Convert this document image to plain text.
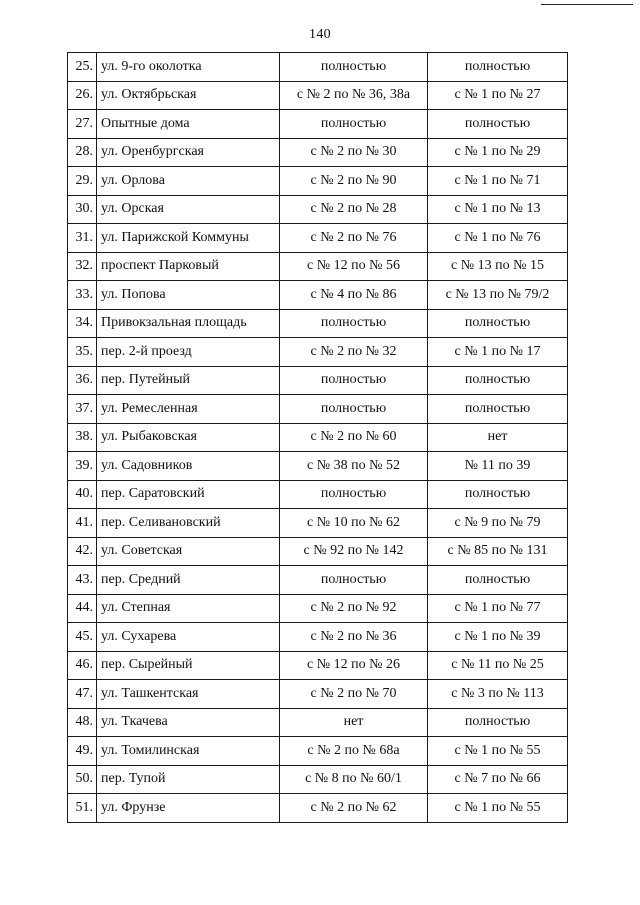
140
25.	ул. 9-го околотка	полностью	полностью
26.	ул. Октябрьская	с № 2 по № 36, 38а	с № 1 по № 27
27.	Опытные дома	полностью	полностью
28.	ул. Оренбургская	с № 2 по № 30	с № 1 по № 29
29.	ул. Орлова	с № 2 по № 90	с № 1 по № 71
30.	ул. Орская	с № 2 по № 28	с № 1 по № 13
31.	ул. Парижской Коммуны	с № 2 по № 76	с № 1 по № 76
32.	проспект Парковый	с № 12 по № 56	с № 13 по № 15
33.	ул. Попова	с № 4 по № 86	с № 13 по № 79/2
34.	Привокзальная площадь	полностью	полностью
35.	пер. 2-й проезд	с № 2 по № 32	с № 1 по № 17
36.	пер. Путейный	полностью	полностью
37.	ул. Ремесленная	полностью	полностью
38.	ул. Рыбаковская	с № 2 по № 60	нет
39.	ул. Садовников	с № 38 по № 52	№ 11 по 39
40.	пер. Саратовский	полностью	полностью
41.	пер. Селивановский	с № 10 по № 62	с № 9 по № 79
42.	ул. Советская	с № 92 по № 142	с № 85 по № 131
43.	пер. Средний	полностью	полностью
44.	ул. Степная	с № 2 по № 92	с № 1 по № 77
45.	ул. Сухарева	с № 2 по № 36	с № 1 по № 39
46.	пер. Сырейный	с № 12 по № 26	с № 11 по № 25
47.	ул. Ташкентская	с № 2 по № 70	с № 3 по № 113
48.	ул. Ткачева	нет	полностью
49.	ул. Томилинская	с № 2 по № 68а	с № 1 по № 55
50.	пер. Тупой	с № 8 по № 60/1	с № 7 по № 66
51.	ул. Фрунзе	с № 2 по № 62	с № 1 по № 55
